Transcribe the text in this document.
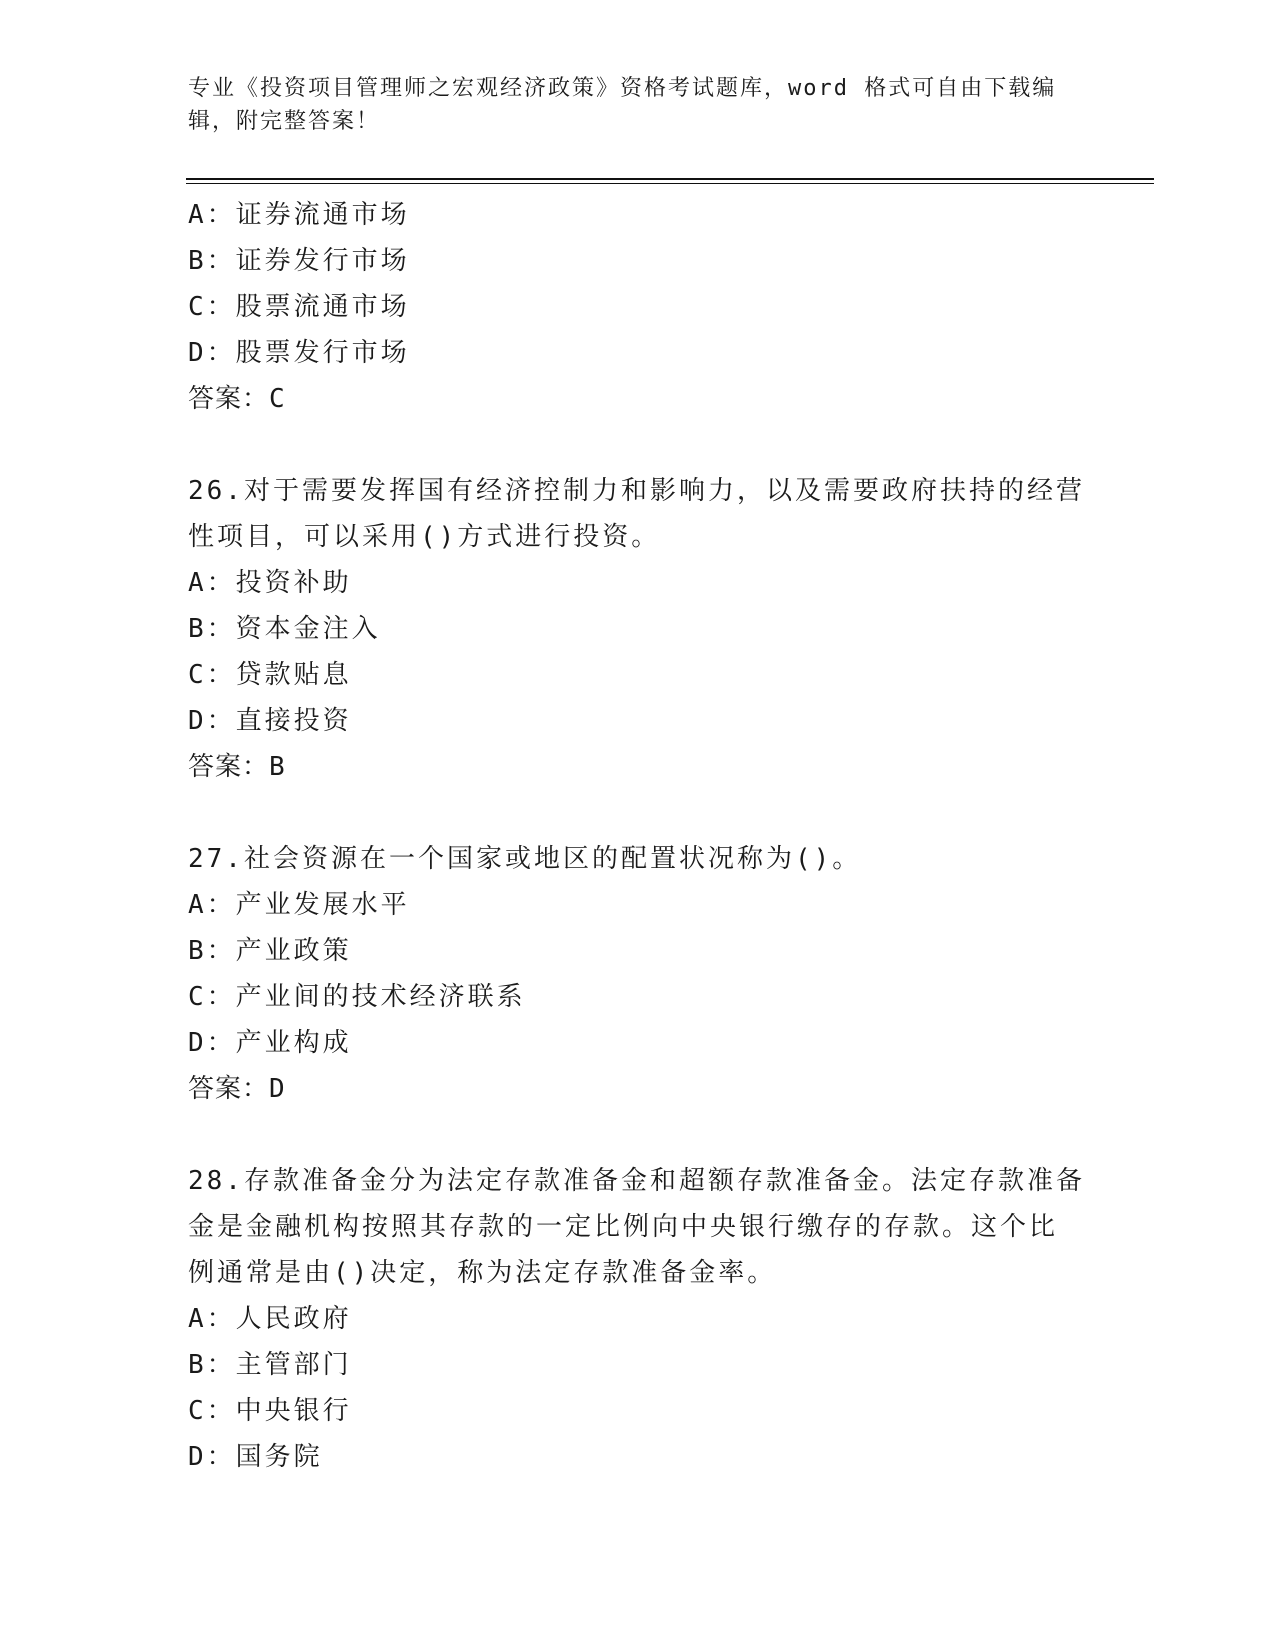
专业《投资项目管理师之宏观经济政策》资格考试题库，word 格式可自由下载编
辑，附完整答案！
A：证券流通市场
B：证券发行市场
C：股票流通市场
D：股票发行市场
答案：C
26.对于需要发挥国有经济控制力和影响力，以及需要政府扶持的经营
性项目，可以采用()方式进行投资。
A：投资补助
B：资本金注入
C：贷款贴息
D：直接投资
答案：B
27.社会资源在一个国家或地区的配置状况称为()。
A：产业发展水平
B：产业政策
C：产业间的技术经济联系
D：产业构成
答案：D
28.存款准备金分为法定存款准备金和超额存款准备金。法定存款准备
金是金融机构按照其存款的一定比例向中央银行缴存的存款。这个比
例通常是由()决定，称为法定存款准备金率。
A：人民政府
B：主管部门
C：中央银行
D：国务院
